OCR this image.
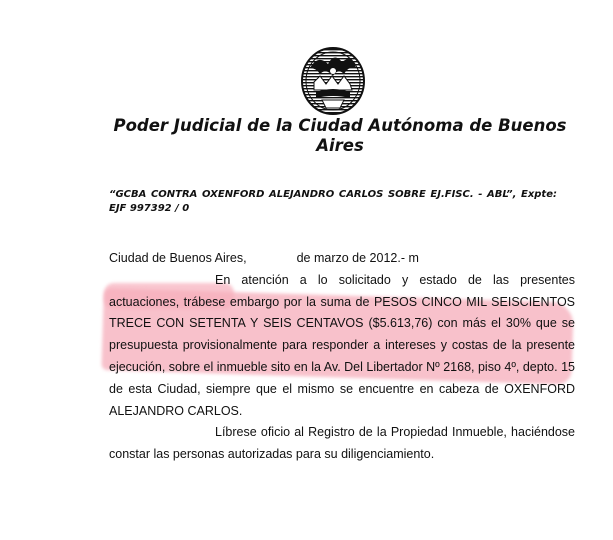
Poder Judicial de la Ciudad Autónoma de Buenos
Aires
“GCBA CONTRA OXENFORD ALEJANDRO CARLOS SOBRE EJ.FISC. - ABL”, Expte:EJF 997392 / 0

Ciudad de Buenos Aires,	de marzo de 2012.- m

En atención a lo solicitado y estado de las presentes actuaciones, trábese embargo por la suma de PESOS CINCO MIL SEISCIENTOS TRECE CON SETENTA Y SEIS CENTAVOS ($5.613,76) con más el 30% que se presupuesta provisionalmente para responder a intereses y costas de la presente ejecución, sobre el inmueble sito en la Av. Del Libertador Nº 2168, piso 4º, depto. 15 de esta Ciudad, siempre que el mismo se encuentre en cabeza de OXENFORD ALEJANDRO CARLOS.

Líbrese oficio al Registro de la Propiedad Inmueble, haciéndose constar las personas autorizadas para su diligenciamiento.
